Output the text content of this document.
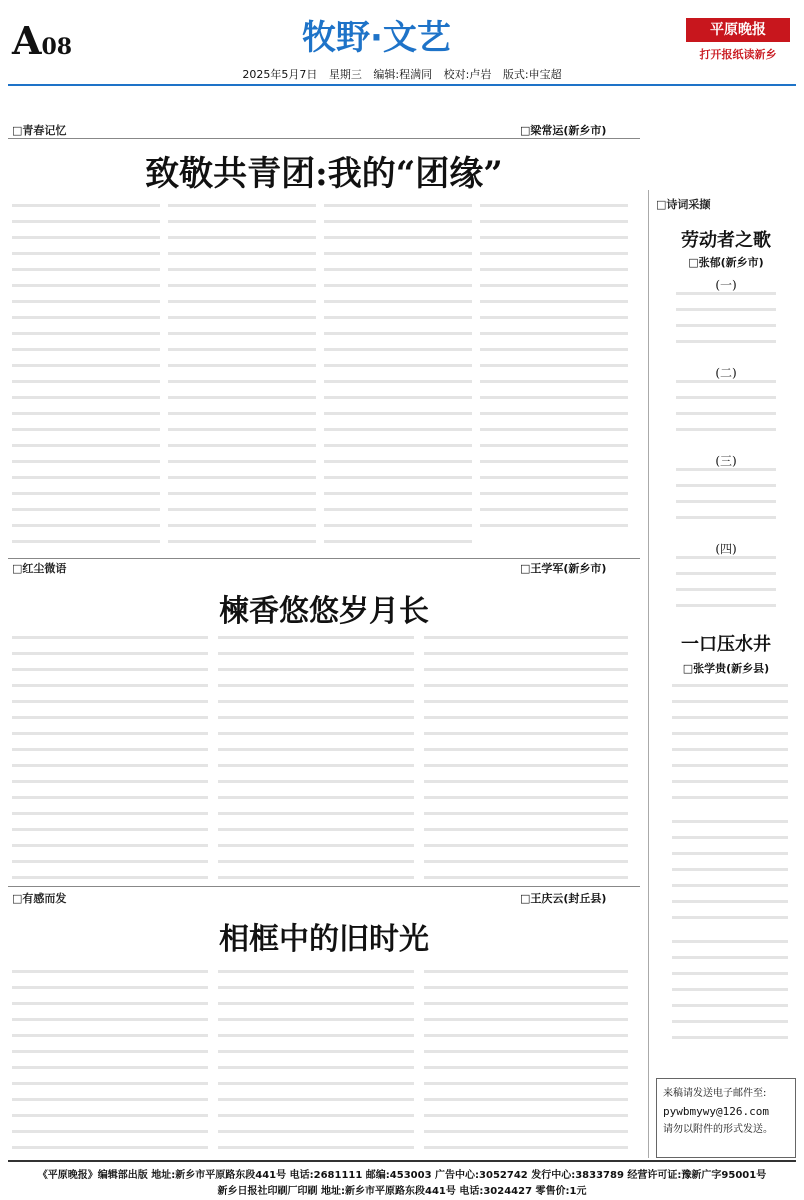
A08	牧野·文艺	平原晚报
打开报纸读新乡
2025年5月7日 星期三 编辑:程满同 校对:卢岩 版式:申宝超
□青春记忆	□梁常运(新乡市)
致敬共青团:我的“团缘”
□红尘微语	□王学军(新乡市)
楝香悠悠岁月长
□有感而发	□王庆云(封丘县)
相框中的旧时光
□诗词采撷
劳动者之歌
□张郁(新乡市)
(一)
(二)
(三)
(四)
一口压水井
□张学贵(新乡县)
来稿请发送电子邮件至:
pywbmywy@126.com
请勿以附件的形式发送。
《平原晚报》编辑部出版 地址:新乡市平原路东段441号 电话:2681111 邮编:453003 广告中心:3052742 发行中心:3833789 经营许可证:豫新广字95001号
新乡日报社印刷厂印刷 地址:新乡市平原路东段441号 电话:3024427 零售价:1元
